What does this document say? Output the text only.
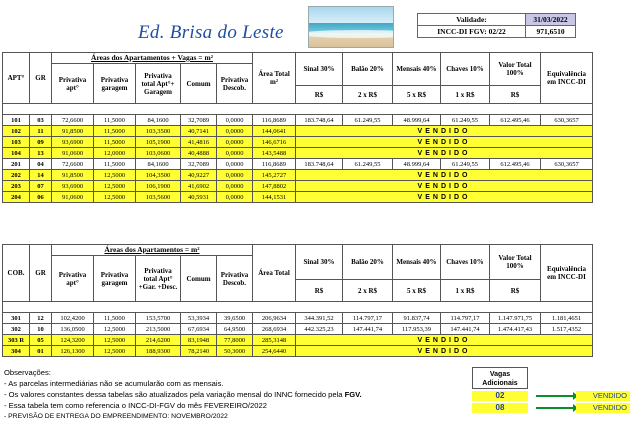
Ed. Brisa do Leste
Validade:	31/03/2022
INCC-DI FGV: 02/22	971,6510
APT°	GR	Áreas dos Apartamentos + Vagas = m²					Área Total m²	Sinal 30%	Balão 20%	Mensais 40%	Chaves 10%	Valor Total 100%	Equivalência em INCC-DI
		Privativa apt°	Privativa garagem	Privativa total Apt°+ Garagem	Comum	Privativa Descob.							
								R$	2 x R$	5 x R$	1 x R$	R$	

101	03	72,6600	11,5000	84,1600	32,7089	0,0000	116,8689	183.748,64	61.249,55	48.999,64	61.249,55	612.495,46	630,3657
102	11	91,8500	11,5000	103,3500	40,7141	0,0000	144,0641	VENDIDO					
103	09	93,6900	11,5000	105,1900	41,4816	0,0000	146,6716	VENDIDO					
104	13	91,0600	12,0000	103,0600	40,4888	0,0000	143,5488	VENDIDO					
201	04	72,6600	11,5000	84,1600	32,7089	0,0000	116,8689	183.748,64	61.249,55	48.999,64	61.249,55	612.495,46	630,3657
202	14	91,8500	12,5000	104,3500	40,9227	0,0000	145,2727	VENDIDO					
203	07	93,6900	12,5000	106,1900	41,6902	0,0000	147,8802	VENDIDO					
204	06	91,0600	12,5000	103,5600	40,5931	0,0000	144,1531	VENDIDO					
COB.	GR	Áreas dos Apartamentos = m²					Área Total	Sinal 30%	Balão 20%	Mensais 40%	Chaves 10%	Valor Total 100%	Equivalência em INCC-DI
		Privativa apt°	Privativa garagem	Privativa total Apt°+Gar. +Desc.	Comum	Privativa Descob.							
								R$	2 x R$	5 x R$	1 x R$	R$	

301	12	102,4200	11,5000	153,5700	53,3934	39,6500	206,9634	344.391,52	114.797,17	91.837,74	114.797,17	1.147.971,75	1.181,4651
302	10	136,0500	12,5000	213,5000	67,6934	64,9500	268,6934	442.325,23	147.441,74	117.953,39	147.441,74	1.474.417,43	1.517,4352
303 R	05	124,3200	12,5000	214,6200	83,1948	77,8000	285,3148	VENDIDO					
304	01	126,1300	12,5000	188,9300	78,2140	50,3000	254,6440	VENDIDO					
Observações:
- As parcelas intermediárias não se acumularão com as mensais.
- Os valores constantes dessa tabelas são atualizados pela variação mensal do INNC fornecido pela FGV.
- Essa tabela tem como referencia o INCC-DI-FGV do mês FEVEREIRO/2022
- PREVISÃO DE ENTREGA DO EMPREENDIMENTO: NOVEMBRO/2022
Vagas Adicionais
02	VENDIDO
08	VENDIDO
